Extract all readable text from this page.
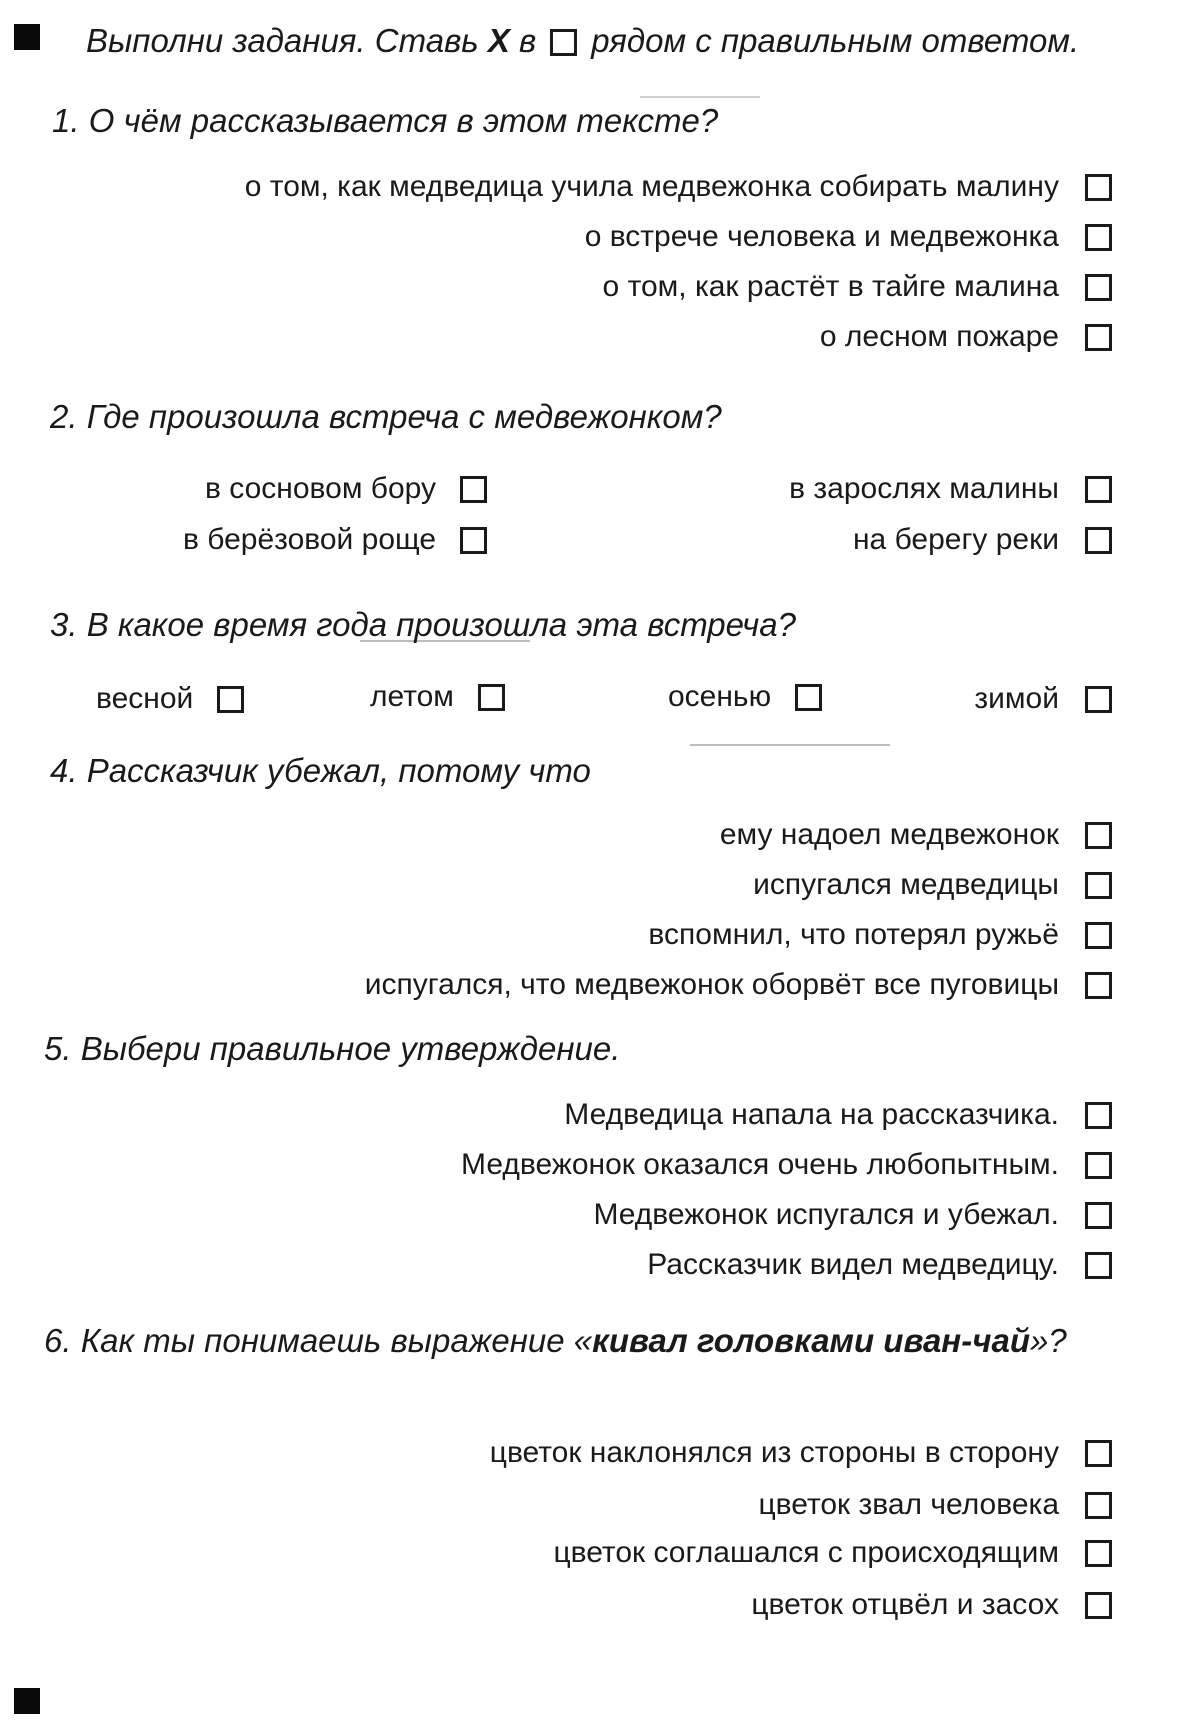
Выполни задания. Ставь X в рядом с правильным ответом.
1. О чём рассказывается в этом тексте?
о том, как медведица учила медвежонка собирать малину
о встрече человека и медвежонка
о том, как растёт в тайге малина
о лесном пожаре
2. Где произошла встреча с медвежонком?
в сосновом бору
в берёзовой роще
в зарослях малины
на берегу реки
3. В какое время года произошла эта встреча?
весной	летом	осенью	зимой
4. Рассказчик убежал, потому что
ему надоел медвежонок
испугался медведицы
вспомнил, что потерял ружьё
испугался, что медвежонок оборвёт все пуговицы
5. Выбери правильное утверждение.
Медведица напала на рассказчика.
Медвежонок оказался очень любопытным.
Медвежонок испугался и убежал.
Рассказчик видел медведицу.
6. Как ты понимаешь выражение «кивал головками иван-чай»?
цветок наклонялся из стороны в сторону
цветок звал человека
цветок соглашался с происходящим
цветок отцвёл и засох
